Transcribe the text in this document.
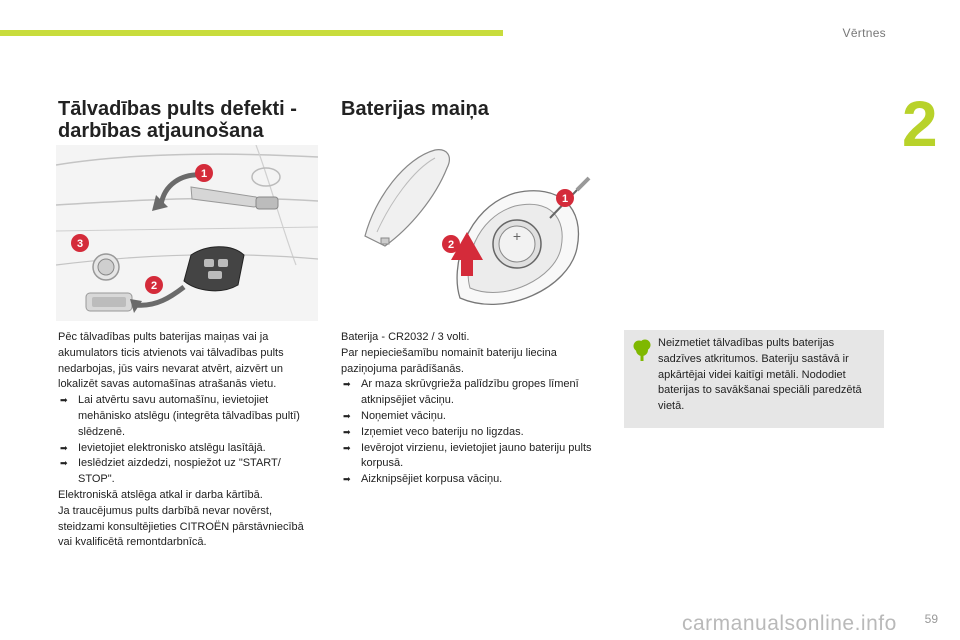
Vērtnes
2
Tālvadības pults defekti - darbības atjaunošana
Baterijas maiņa
1
2
3	+
1
2

Pēc tālvadības pults baterijas maiņas vai ja akumulators ticis atvienots vai tālvadības pults nedarbojas, jūs vairs nevarat atvērt, aizvērt un lokalizēt savas automašīnas atrašanās vietu.

➡ Lai atvērtu savu automašīnu, ievietojiet mehānisko atslēgu (integrēta tālvadības pultī) slēdzenē.
➡ Ievietojiet elektronisko atslēgu lasītājā.
➡ Ieslēdziet aizdedzi, nospiežot uz "START/ STOP".

Elektroniskā atslēga atkal ir darba kārtībā.

Ja traucējumus pults darbībā nevar novērst, steidzami konsultējieties CITROËN pārstāvniecībā vai kvalificētā remontdarbnīcā.

Baterija - CR2032 / 3 volti.

Par nepieciešamību nomainīt bateriju liecina paziņojuma parādīšanās.

➡ Ar maza skrūvgrieža palīdzību gropes līmenī atknipsējiet vāciņu.
➡ Noņemiet vāciņu.
➡ Izņemiet veco bateriju no ligzdas.
➡ Ievērojot virzienu, ievietojiet jauno bateriju pults korpusā.
➡ Aizknipsējiet korpusa vāciņu.

Neizmetiet tālvadības pults baterijas sadzīves atkritumos. Bateriju sastāvā ir apkārtējai videi kaitīgi metāli. Nododiet baterijas to savākšanai speciāli paredzētā vietā.

carmanualsonline.info 59
